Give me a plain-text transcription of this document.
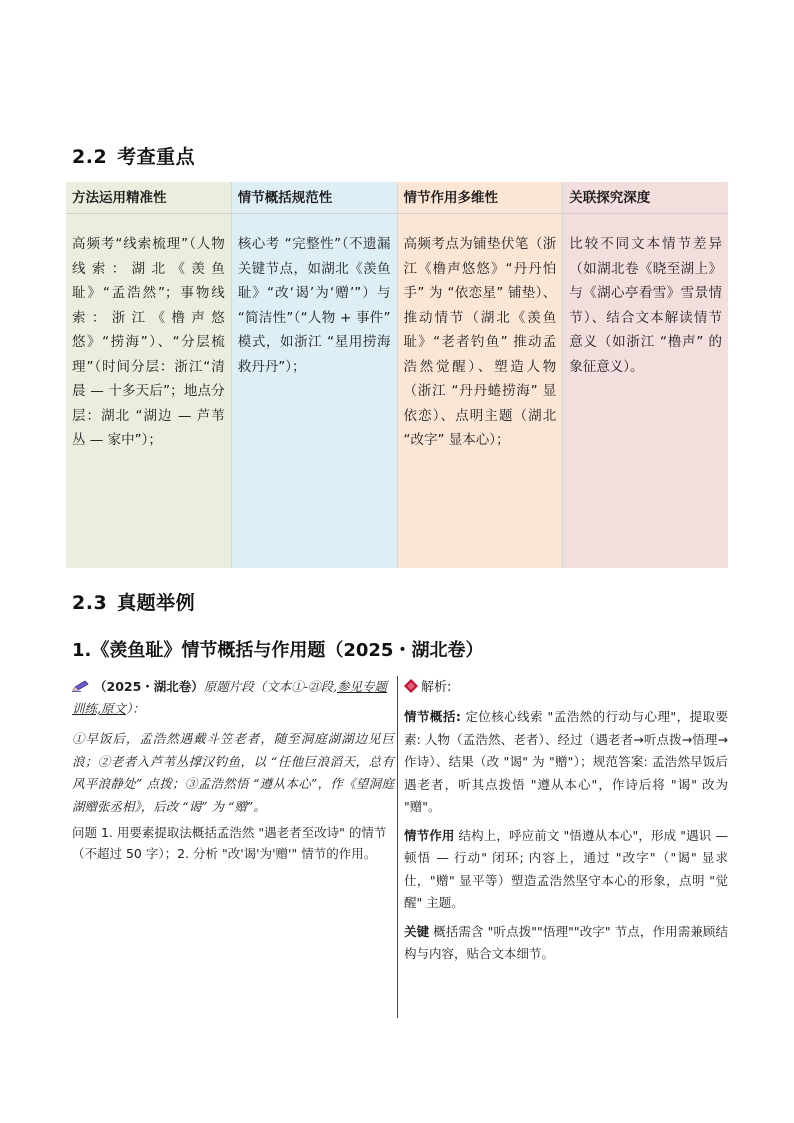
2.2 考查重点
方法运用精准性
高频考“线索梳理”（人物线索：湖北《羡鱼耻》“孟浩然”；事物线索：浙江《橹声悠悠》“捞海”）、“分层梳理”（时间分层：浙江“清晨 — 十多天后”；地点分层：湖北 “湖边 — 芦苇丛 — 家中”）；
情节概括规范性
核心考 “完整性”（不遗漏关键节点，如湖北《羡鱼耻》“改‘谒’为‘赠’”）与 “简洁性”（“人物 + 事件” 模式，如浙江 “星用捞海救丹丹”）；
情节作用多维性
高频考点为铺垫伏笔（浙江《橹声悠悠》“丹丹怕手” 为 “依恋星” 铺垫）、推动情节（湖北《羡鱼耻》“老者钓鱼” 推动孟浩然觉醒）、塑造人物（浙江 “丹丹蜷捞海” 显依恋）、点明主题（湖北 “改字” 显本心）；
关联探究深度
比较不同文本情节差异（如湖北卷《晓至湖上》与《湖心亭看雪》雪景情节）、结合文本解读情节意义（如浙江 “橹声” 的象征意义）。
2.3 真题举例
1.《羡鱼耻》情节概括与作用题（2025・湖北卷）
（2025・湖北卷）原题片段（文本①-㉑段,参见专题训练,原文）：
①早饭后，孟浩然遇戴斗笠老者，随至洞庭湖湖边见巨浪；②老者入芦苇丛撑汉钓鱼，以 “任他巨浪滔天，总有风平浪静处” 点拨；③孟浩然悟 “遵从本心”，作《望洞庭湖赠张丞相》，后改 “谒” 为 “赠”。
问题 1. 用要素提取法概括孟浩然 "遇老者至改诗" 的情节（不超过 50 字）；2. 分析 "改'谒'为'赠'" 情节的作用。
解析:
情节概括: 定位核心线索 "孟浩然的行动与心理"，提取要素: 人物（孟浩然、老者）、经过（遇老者→听点拨→悟理→作诗）、结果（改 "谒" 为 "赠"）；规范答案: 孟浩然早饭后遇老者，听其点拨悟 "遵从本心"，作诗后将 "谒" 改为 "赠"。
情节作用 结构上，呼应前文 "悟遵从本心"，形成 "遇识 — 顿悟 — 行动" 闭环; 内容上，通过 "改字"（"谒" 显求仕，"赠" 显平等）塑造孟浩然坚守本心的形象，点明 "觉醒" 主题。
关键 概括需含 "听点拨""悟理""改字" 节点，作用需兼顾结构与内容，贴合文本细节。
